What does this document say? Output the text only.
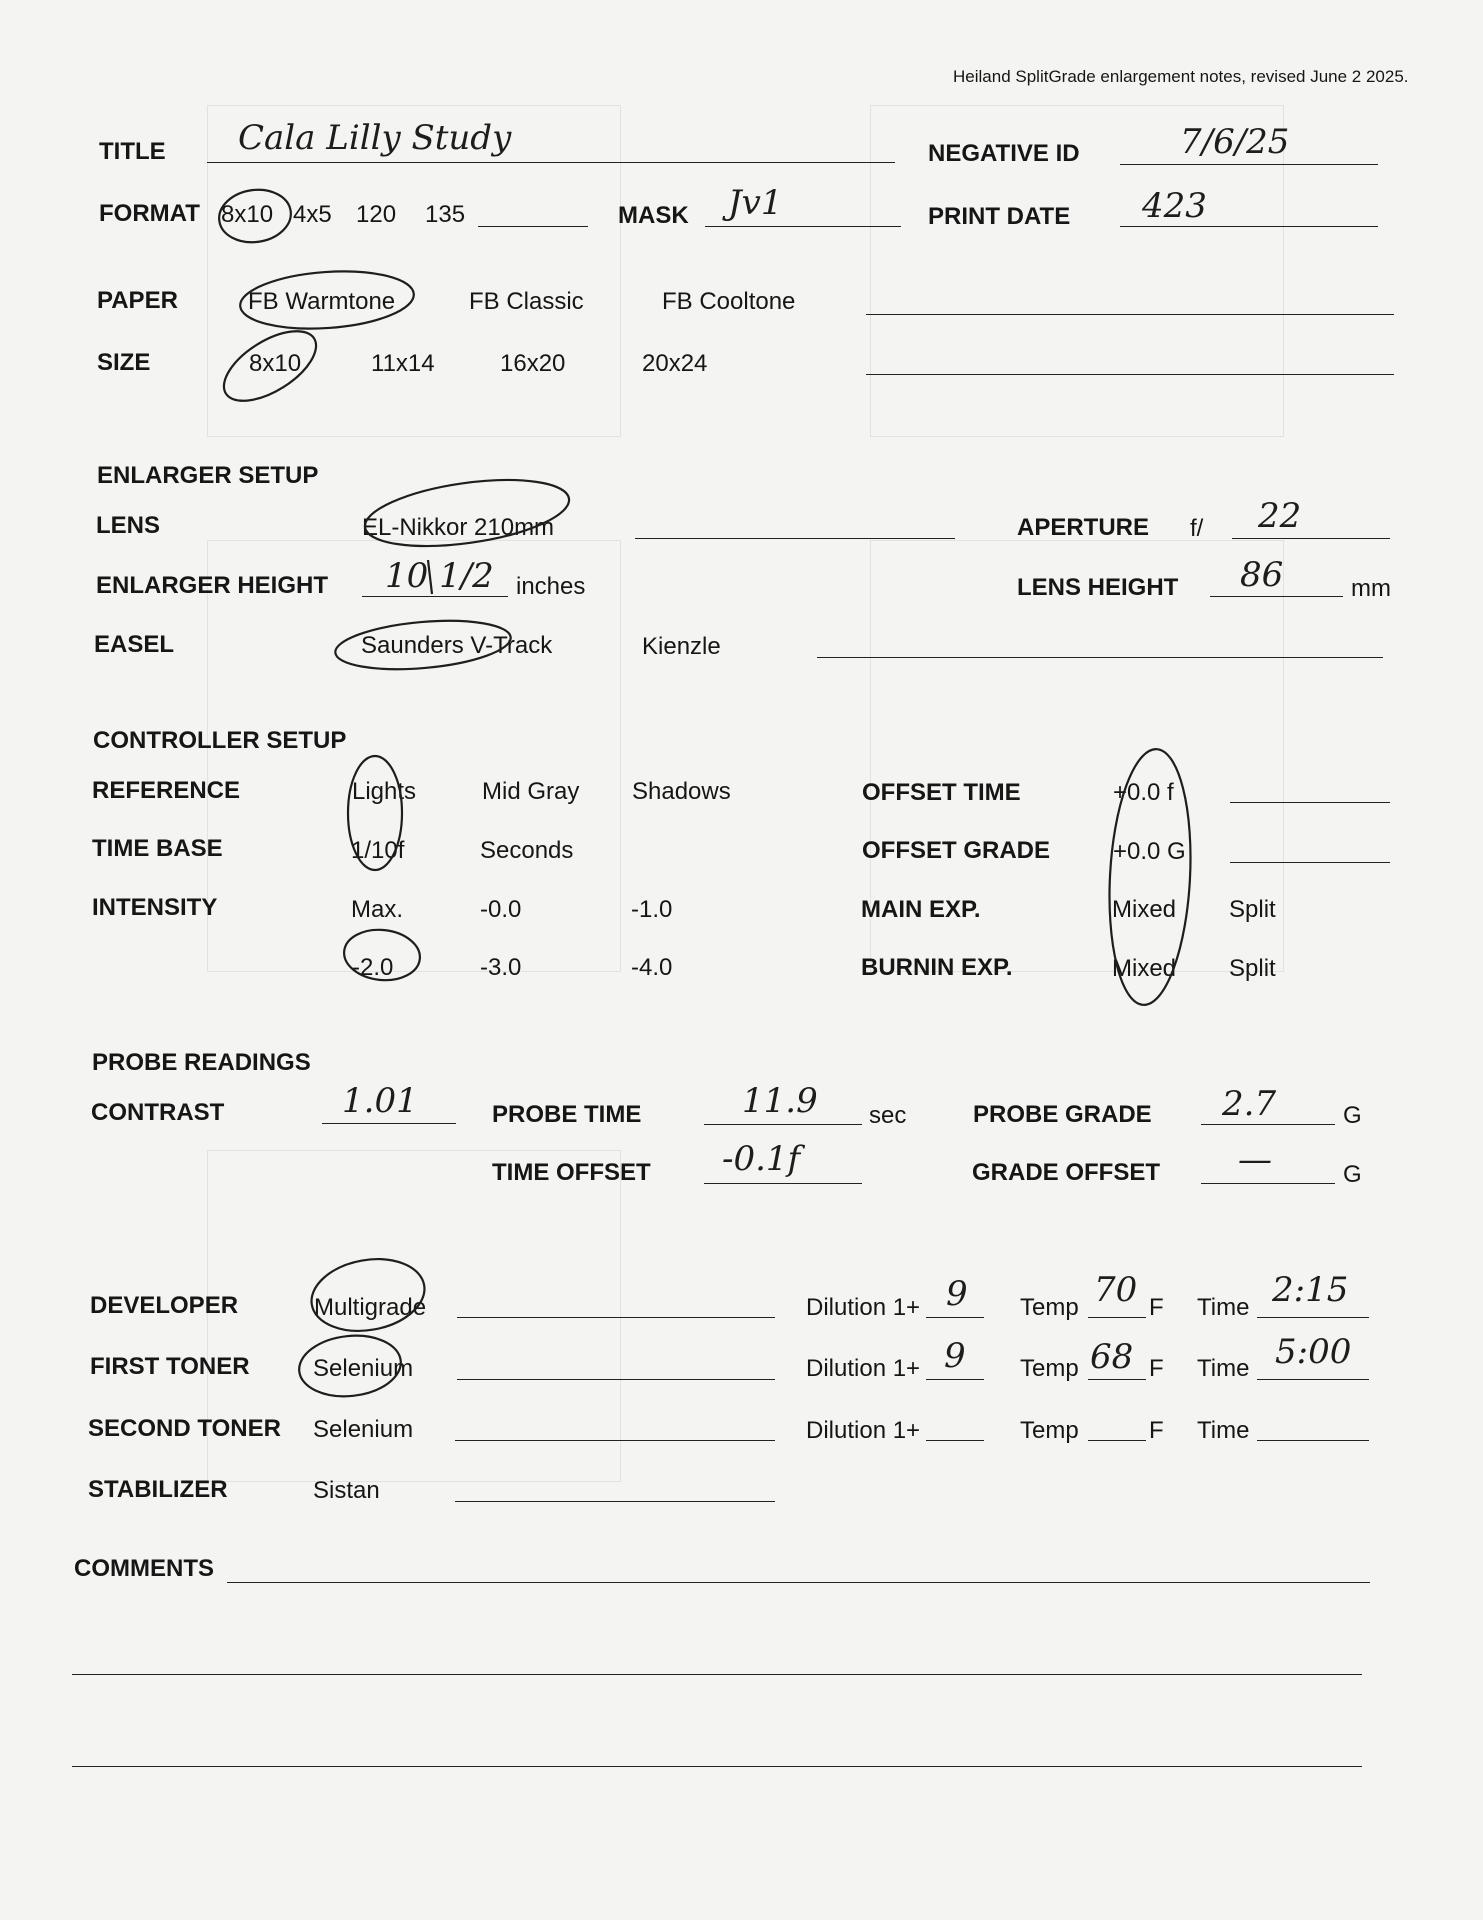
Heiland SplitGrade enlargement notes, revised June 2 2025.
TITLE Cala Lilly Study	NEGATIVE ID	7/6/25
FORMAT 8x10 4x5 120 135	MASK Jv1	PRINT DATE 423
PAPER	FB Warmtone	FB Classic	FB Cooltone
SIZE	8x10	11x14	16x20	20x24
ENLARGER SETUP
LENS	EL-Nikkor 210mm	APERTURE f/ 22
ENLARGER HEIGHT 10 1/2 inches	LENS HEIGHT 86	mm
EASEL	Saunders V-Track	Kienzle
CONTROLLER SETUP
REFERENCE	Lights	Mid Gray Shadows	OFFSET TIME	+0.0 f
TIME BASE	1/10f	Seconds	OFFSET GRADE	+0.0 G
INTENSITY	Max.	-0.0	-1.0	MAIN EXP.	Mixed Split
-2.0	-3.0	-4.0	BURNIN EXP.	Mixed Split
PROBE READINGS
CONTRAST	1.01	PROBE TIME	11.9 sec	PROBE GRADE 2.7	G
TIME OFFSET -0.1f	GRADE OFFSET —	G
DEVELOPER	Multigrade	Dilution 1+ 9 Temp 70 F Time 2:15
FIRST TONER	Selenium	Dilution 1+ 9 Temp 68 F Time 5:00
SECOND TONER Selenium	Dilution 1+	Temp	F Time
STABILIZER	Sistan
COMMENTS
